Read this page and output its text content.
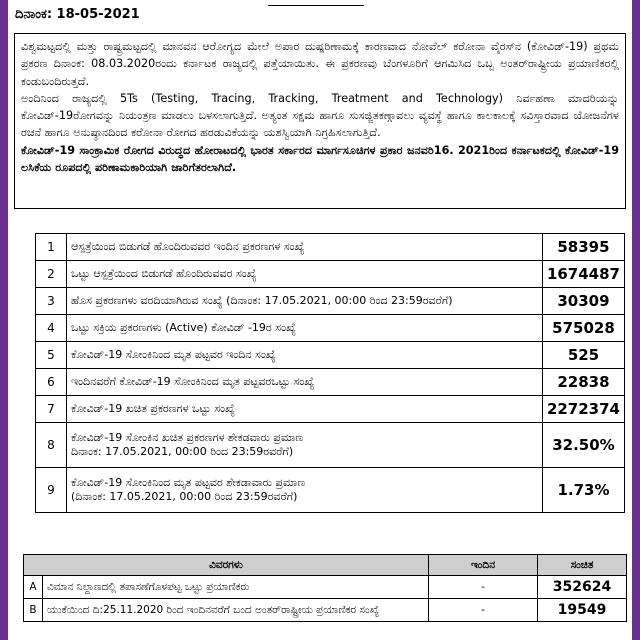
ದಿನಾಂಕ: 18-05-2021

ವಿಶ್ವಮಟ್ಟದಲ್ಲಿ ಮತ್ತು ರಾಷ್ಟ್ರಮಟ್ಟದಲ್ಲಿ ಮಾನವನ ಆರೋಗ್ಯದ ಮೇಲೆ ಅಪಾರ ದುಷ್ಪರಿಣಾಮಕ್ಕೆ ಕಾರಣವಾದ ನೋವೆಲ್ ಕರೋನಾ ವೈರಸ್‍ನ (ಕೋವಿಡ್-19) ಪ್ರಥಮ ಪ್ರಕರಣ ದಿನಾಂಕ: 08.03.2020ರಂದು ಕರ್ನಾಟಕ ರಾಜ್ಯದಲ್ಲಿ ಪತ್ತೆಯಾಯಿತು. ಈ ಪ್ರಕರಣವು ಬೆಂಗಳೂರಿಗೆ ಆಗಮಿಸಿದ ಒಬ್ಬ ಅಂತರ್‌ರಾಷ್ಟ್ರೀಯ ಪ್ರಯಾಣಿಕರಲ್ಲಿ ಕಂಡುಬಂದಿರುತ್ತದೆ.

ಅಂದಿನಿಂದ ರಾಜ್ಯದಲ್ಲಿ 5Ts (Testing, Tracing, Tracking, Treatment and Technology) ನಿರ್ವಹಣಾ ಮಾದರಿಯನ್ನು ಕೋವಿಡ್-19ರೋಗವನ್ನು ನಿಯಂತ್ರಣ ಮಾಡಲು ಬಳಸಲಾಗುತ್ತಿದೆ. ಅತ್ಯಂತ ಸಕ್ಷಮ ಹಾಗೂ ಸುಸಜ್ಜಿತಕಣ್ಗಾವಲು ವ್ಯವಸ್ಥೆ ಹಾಗೂ ಕಾಲಕಾಲಕ್ಕೆ ಸವಿಸ್ತಾರವಾದ ಯೋಜನೆಗಳ ರಚನೆ ಹಾಗೂ ಅನುಷ್ಠಾನದಿಂದ ಕರೋನಾ ರೋಗದ ಹರಡುವಿಕೆಯನ್ನು ಯಶಸ್ವಿಯಾಗಿ ನಿಗ್ರಹಿಸಲಾಗುತ್ತಿದೆ.

ಕೋವಿಡ್-19 ಸಾಂಕ್ರಾಮಿಕ ರೋಗದ ವಿರುದ್ಧದ ಹೋರಾಟದಲ್ಲಿ ಭಾರತ ಸರ್ಕಾರದ ಮಾರ್ಗಸೂಚಿಗಳ ಪ್ರಕಾರ ಜನವರಿ16. 2021ರಿಂದ ಕರ್ನಾಟಕದಲ್ಲಿ ಕೋವಿಡ್-19 ಲಸಿಕೆಯ ರೂಪದಲ್ಲಿ ಪರಿಣಾಮಕಾರಿಯಾಗಿ ಜಾರಿಗೆತರಲಾಗಿದೆ.

1	ಆಸ್ಪತ್ರೆಯಿಂದ ಬಿಡುಗಡೆ ಹೊಂದಿರುವವರ ಇಂದಿನ ಪ್ರಕರಣಗಳ ಸಂಖ್ಯೆ	58395
2	ಒಟ್ಟು ಆಸ್ಪತ್ರೆಯಿಂದ ಬಿಡುಗಡೆ ಹೊಂದಿರುವವರ ಸಂಖ್ಯೆ	1674487
3	ಹೊಸ ಪ್ರಕರಣಗಳು ವರದಿಯಾಗಿರುವ ಸಂಖ್ಯೆ (ದಿನಾಂಕ: 17.05.2021, 00:00 ರಿಂದ 23:59ರವರೆಗೆ)	30309
4	ಒಟ್ಟು ಸಕ್ರಿಯ ಪ್ರಕರಣಗಳು (Active) ಕೋವಿಡ್ -19ರ ಸಂಖ್ಯೆ	575028
5	ಕೋವಿಡ್-19 ಸೋಂಕಿನಿಂದ ಮೃತ ಪಟ್ಟವರ ಇಂದಿನ ಸಂಖ್ಯೆ	525
6	ಇಂದಿನವರೆಗೆ ಕೋವಿಡ್-19 ಸೋಂಕಿನಿಂದ ಮೃತ ಪಟ್ಟವರಒಟ್ಟು ಸಂಖ್ಯೆ	22838
7	ಕೋವಿಡ್-19 ಖಚಿತ ಪ್ರಕರಣಗಳ ಒಟ್ಟು ಸಂಖ್ಯೆ	2272374
8	ಕೋವಿಡ್-19 ಸೋಂಕಿನ ಖಚಿತ ಪ್ರಕರಣಗಳ ಶೇಕಡವಾರು ಪ್ರಮಾಣ
ದಿನಾಂಕ: 17.05.2021, 00:00 ರಿಂದ 23:59ರವರೆಗೆ)	32.50%
9	ಕೋವಿಡ್-19 ಸೋಂಕಿನಿಂದ ಮೃತ ಪಟ್ಟವರ ಶೇಕಡಾವಾರು ಪ್ರಮಾಣ
(ದಿನಾಂಕ: 17.05.2021, 00:00 ರಿಂದ 23:59ರವರೆಗೆ)	1.73%
ವಿವರಗಳು		ಇಂದಿನ	ಸಂಚಿತ
A	ವಿಮಾನ ನಿಲ್ದಾಣದಲ್ಲಿ ತಪಾಸಣೆಗೊಳಪಟ್ಟ ಒಟ್ಟು ಪ್ರಯಾಣಿಕರು	-	352624
B	ಯುಕೆಯಿಂದ ದಿ:25.11.2020 ರಿಂದ ಇಂದಿನವರೆಗೆ ಬಂದ ಅಂತರ್‌ರಾಷ್ಟ್ರೀಯ ಪ್ರಯಾಣಿಕರ ಸಂಖ್ಯೆ	-	19549
